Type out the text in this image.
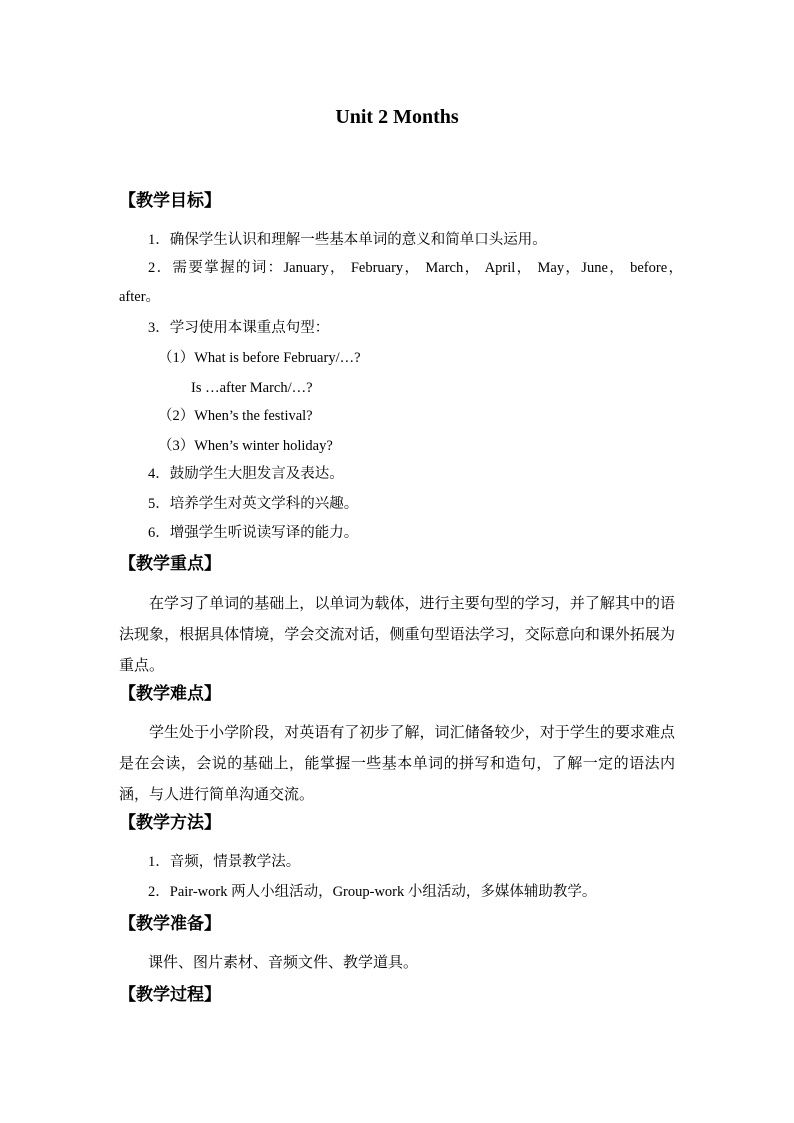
Unit 2 Months
【教学目标】
1．确保学生认识和理解一些基本单词的意义和简单口头运用。
2．需要掌握的词：January， February， March， April， May，June， before，after。
3．学习使用本课重点句型：
（1）What is before February/…?
Is …after March/…?
（2）When’s the festival?
（3）When’s winter holiday?
4．鼓励学生大胆发言及表达。
5．培养学生对英文学科的兴趣。
6．增强学生听说读写译的能力。
【教学重点】
在学习了单词的基础上，以单词为载体，进行主要句型的学习，并了解其中的语法现象，根据具体情境，学会交流对话，侧重句型语法学习，交际意向和课外拓展为重点。
【教学难点】
学生处于小学阶段，对英语有了初步了解，词汇储备较少，对于学生的要求难点是在会读，会说的基础上，能掌握一些基本单词的拼写和造句，了解一定的语法内涵，与人进行简单沟通交流。
【教学方法】
1．音频，情景教学法。
2．Pair-work 两人小组活动，Group-work 小组活动，多媒体辅助教学。
【教学准备】
课件、图片素材、音频文件、教学道具。
【教学过程】
